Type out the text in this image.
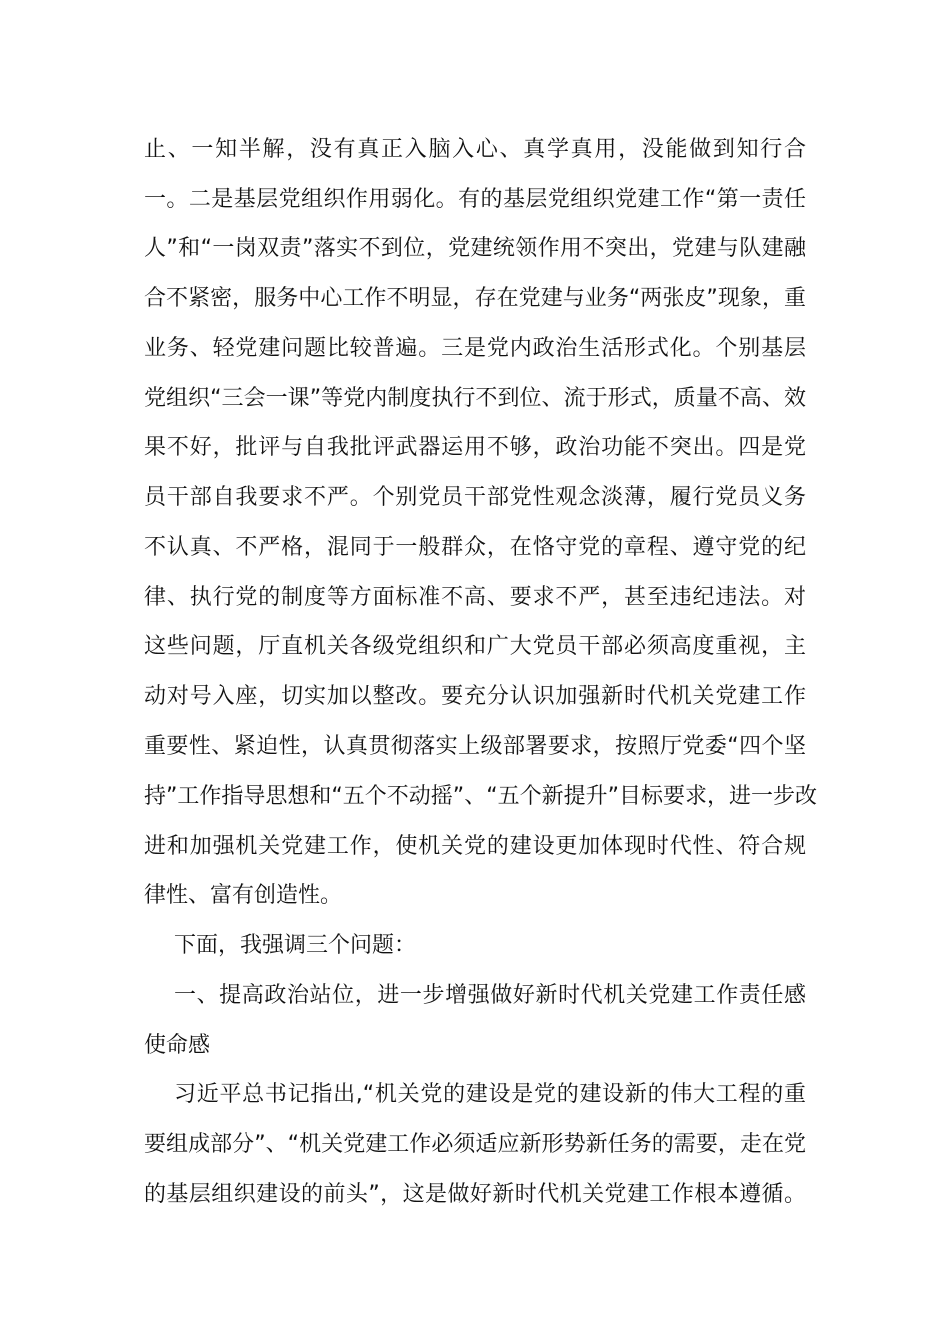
止、一知半解，没有真正入脑入心、真学真用，没能做到知行合
一。二是基层党组织作用弱化。有的基层党组织党建工作“第一责任
人”和“一岗双责”落实不到位，党建统领作用不突出，党建与队建融
合不紧密，服务中心工作不明显，存在党建与业务“两张皮”现象，重
业务、轻党建问题比较普遍。三是党内政治生活形式化。个别基层
党组织“三会一课”等党内制度执行不到位、流于形式，质量不高、效
果不好，批评与自我批评武器运用不够，政治功能不突出。四是党
员干部自我要求不严。个别党员干部党性观念淡薄，履行党员义务
不认真、不严格，混同于一般群众，在恪守党的章程、遵守党的纪
律、执行党的制度等方面标准不高、要求不严，甚至违纪违法。对
这些问题，厅直机关各级党组织和广大党员干部必须高度重视，主
动对号入座，切实加以整改。要充分认识加强新时代机关党建工作
重要性、紧迫性，认真贯彻落实上级部署要求，按照厅党委“四个坚
持”工作指导思想和“五个不动摇”、“五个新提升”目标要求，进一步改
进和加强机关党建工作，使机关党的建设更加体现时代性、符合规
律性、富有创造性。
下面，我强调三个问题：
一、提高政治站位，进一步增强做好新时代机关党建工作责任感
使命感
习近平总书记指出,“机关党的建设是党的建设新的伟大工程的重
要组成部分”、“机关党建工作必须适应新形势新任务的需要，走在党
的基层组织建设的前头”，这是做好新时代机关党建工作根本遵循。
